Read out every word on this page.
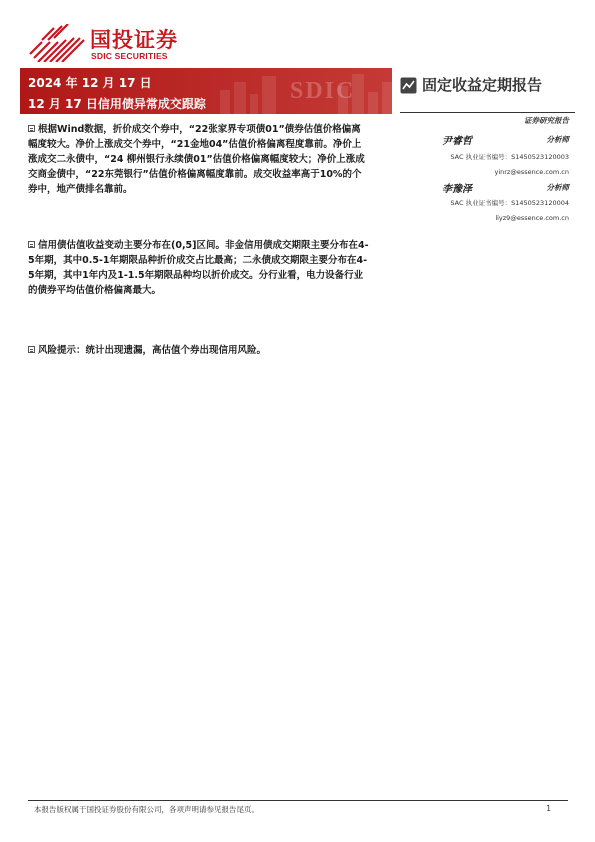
国投证券
SDIC SECURITIES
SDIC
2024 年 12 月 17 日
12 月 17 日信用债异常成交跟踪
固定收益定期报告
证券研究报告
尹睿哲	分析师
SAC 执业证书编号：S1450523120003
yinrz@essence.com.cn
李豫泽	分析师
SAC 执业证书编号：S1450523120004
liyz9@essence.com.cn
根据Wind数据，折价成交个券中，“22张家界专项债01”债券估值价格偏离幅度较大。净价上涨成交个券中，“21金地04”估值价格偏离程度靠前。净价上涨成交二永债中，“24 柳州银行永续债01”估值价格偏离幅度较大；净价上涨成交商金债中，“22东莞银行”估值价格偏离幅度靠前。成交收益率高于10%的个券中，地产债排名靠前。
信用债估值收益变动主要分布在(0,5]区间。非金信用债成交期限主要分布在4-5年期，其中0.5-1年期限品种折价成交占比最高；二永债成交期限主要分布在4-5年期，其中1年内及1-1.5年期限品种均以折价成交。分行业看，电力设备行业的债券平均估值价格偏离最大。
风险提示：统计出现遗漏，高估值个券出现信用风险。
本报告版权属于国投证券股份有限公司，各项声明请参见报告尾页。	1
